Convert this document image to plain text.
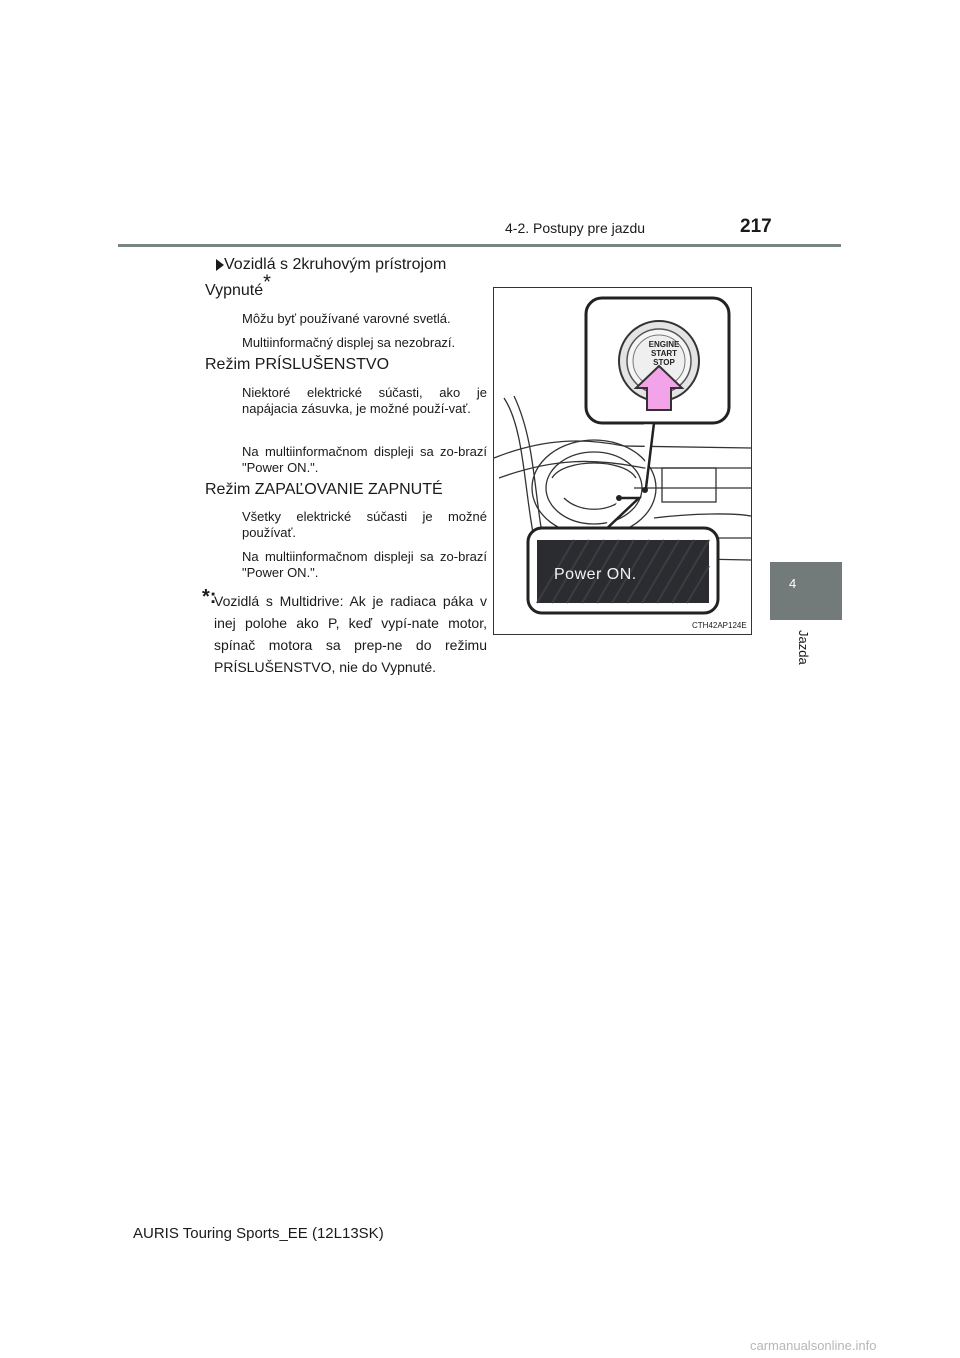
4-2. Postupy pre jazdu	217
4
Jazda
Vozidlá s 2kruhovým prístrojom
Vypnuté*
Môžu byť používané varovné svetlá.
Multiinformačný displej sa nezobrazí.
Režim PRÍSLUŠENSTVO
Niektoré elektrické súčasti, ako je napájacia zásuvka, je možné použí-vať.
Na multiinformačnom displeji sa zo-brazí "Power ON.".
Režim ZAPAĽOVANIE ZAPNUTÉ
Všetky elektrické súčasti je možné používať.
Na multiinformačnom displeji sa zo-brazí "Power ON.".
*:
Vozidlá s Multidrive: Ak je radiaca páka v inej polohe ako P, keď vypí-nate motor, spínač motora sa prep-ne do režimu PRÍSLUŠENSTVO, nie do Vypnuté.
ENGINE
START
STOP
Power ON.
CTH42AP124E
AURIS Touring Sports_EE (12L13SK)
carmanualsonline.info
